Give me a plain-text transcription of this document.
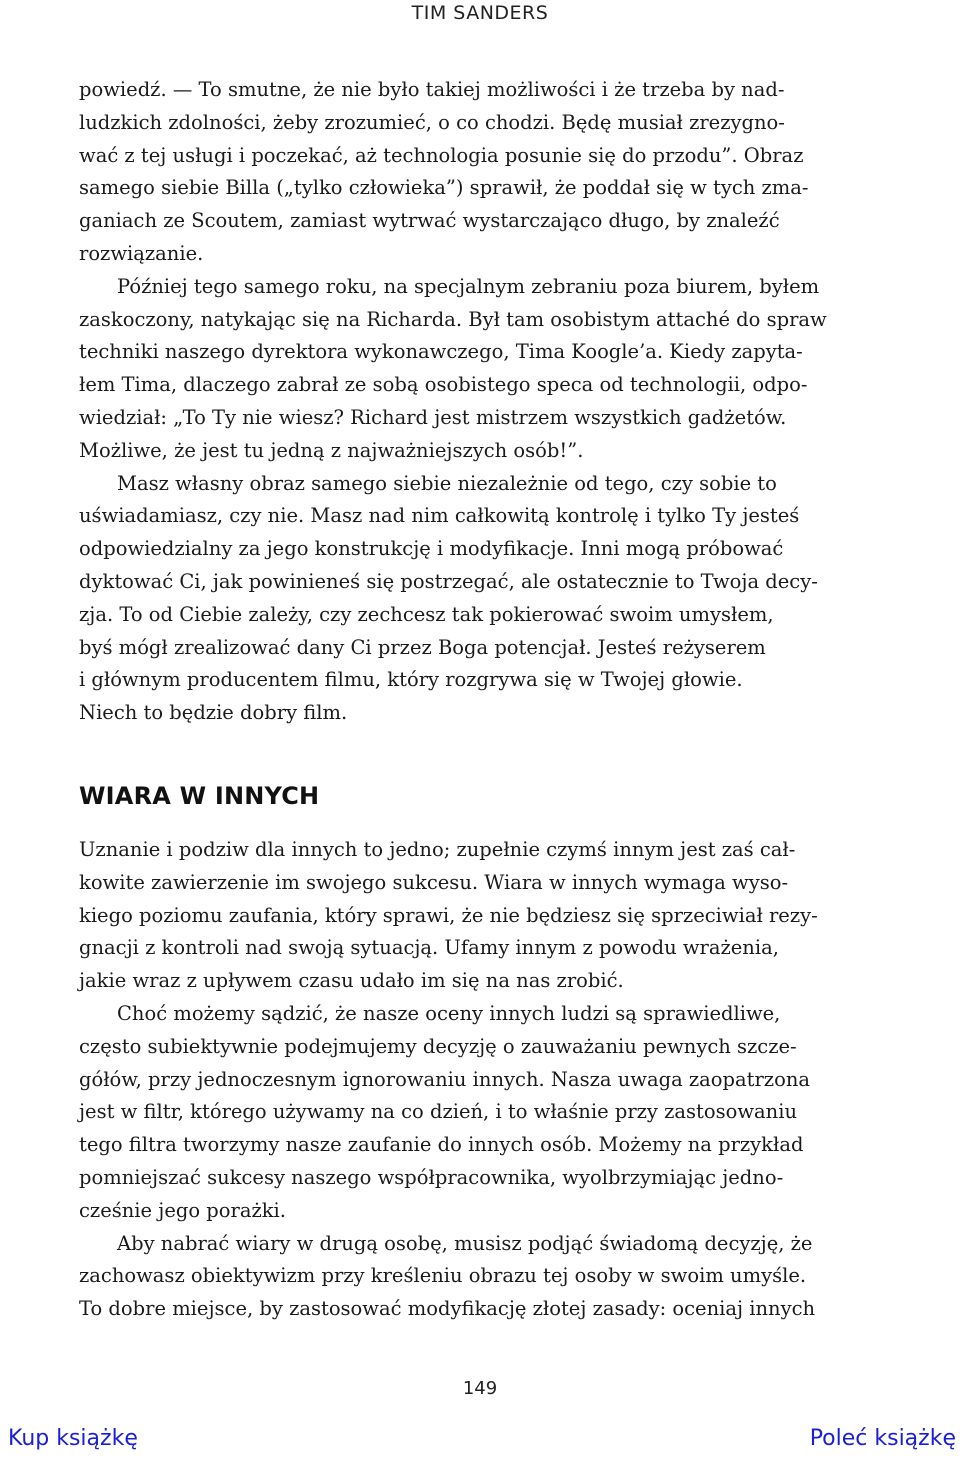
TIM SANDERS
powiedź. — To smutne, że nie było takiej możliwości i że trzeba by nad-
ludzkich zdolności, żeby zrozumieć, o co chodzi. Będę musiał zrezygno-
wać z tej usługi i poczekać, aż technologia posunie się do przodu”. Obraz
samego siebie Billa („tylko człowieka”) sprawił, że poddał się w tych zma-
ganiach ze Scoutem, zamiast wytrwać wystarczająco długo, by znaleźć
rozwiązanie.
Później tego samego roku, na specjalnym zebraniu poza biurem, byłem
zaskoczony, natykając się na Richarda. Był tam osobistym attaché do spraw
techniki naszego dyrektora wykonawczego, Tima Koogle’a. Kiedy zapyta-
łem Tima, dlaczego zabrał ze sobą osobistego speca od technologii, odpo-
wiedział: „To Ty nie wiesz? Richard jest mistrzem wszystkich gadżetów.
Możliwe, że jest tu jedną z najważniejszych osób!”.
Masz własny obraz samego siebie niezależnie od tego, czy sobie to
uświadamiasz, czy nie. Masz nad nim całkowitą kontrolę i tylko Ty jesteś
odpowiedzialny za jego konstrukcję i modyfikacje. Inni mogą próbować
dyktować Ci, jak powinieneś się postrzegać, ale ostatecznie to Twoja decy-
zja. To od Ciebie zależy, czy zechcesz tak pokierować swoim umysłem,
byś mógł zrealizować dany Ci przez Boga potencjał. Jesteś reżyserem
i głównym producentem filmu, który rozgrywa się w Twojej głowie.
Niech to będzie dobry film.
WIARA W INNYCH
Uznanie i podziw dla innych to jedno; zupełnie czymś innym jest zaś cał-
kowite zawierzenie im swojego sukcesu. Wiara w innych wymaga wyso-
kiego poziomu zaufania, który sprawi, że nie będziesz się sprzeciwiał rezy-
gnacji z kontroli nad swoją sytuacją. Ufamy innym z powodu wrażenia,
jakie wraz z upływem czasu udało im się na nas zrobić.
Choć możemy sądzić, że nasze oceny innych ludzi są sprawiedliwe,
często subiektywnie podejmujemy decyzję o zauważaniu pewnych szcze-
gółów, przy jednoczesnym ignorowaniu innych. Nasza uwaga zaopatrzona
jest w filtr, którego używamy na co dzień, i to właśnie przy zastosowaniu
tego filtra tworzymy nasze zaufanie do innych osób. Możemy na przykład
pomniejszać sukcesy naszego współpracownika, wyolbrzymiając jedno-
cześnie jego porażki.
Aby nabrać wiary w drugą osobę, musisz podjąć świadomą decyzję, że
zachowasz obiektywizm przy kreśleniu obrazu tej osoby w swoim umyśle.
To dobre miejsce, by zastosować modyfikację złotej zasady: oceniaj innych
149
Kup książkę	Poleć książkę
